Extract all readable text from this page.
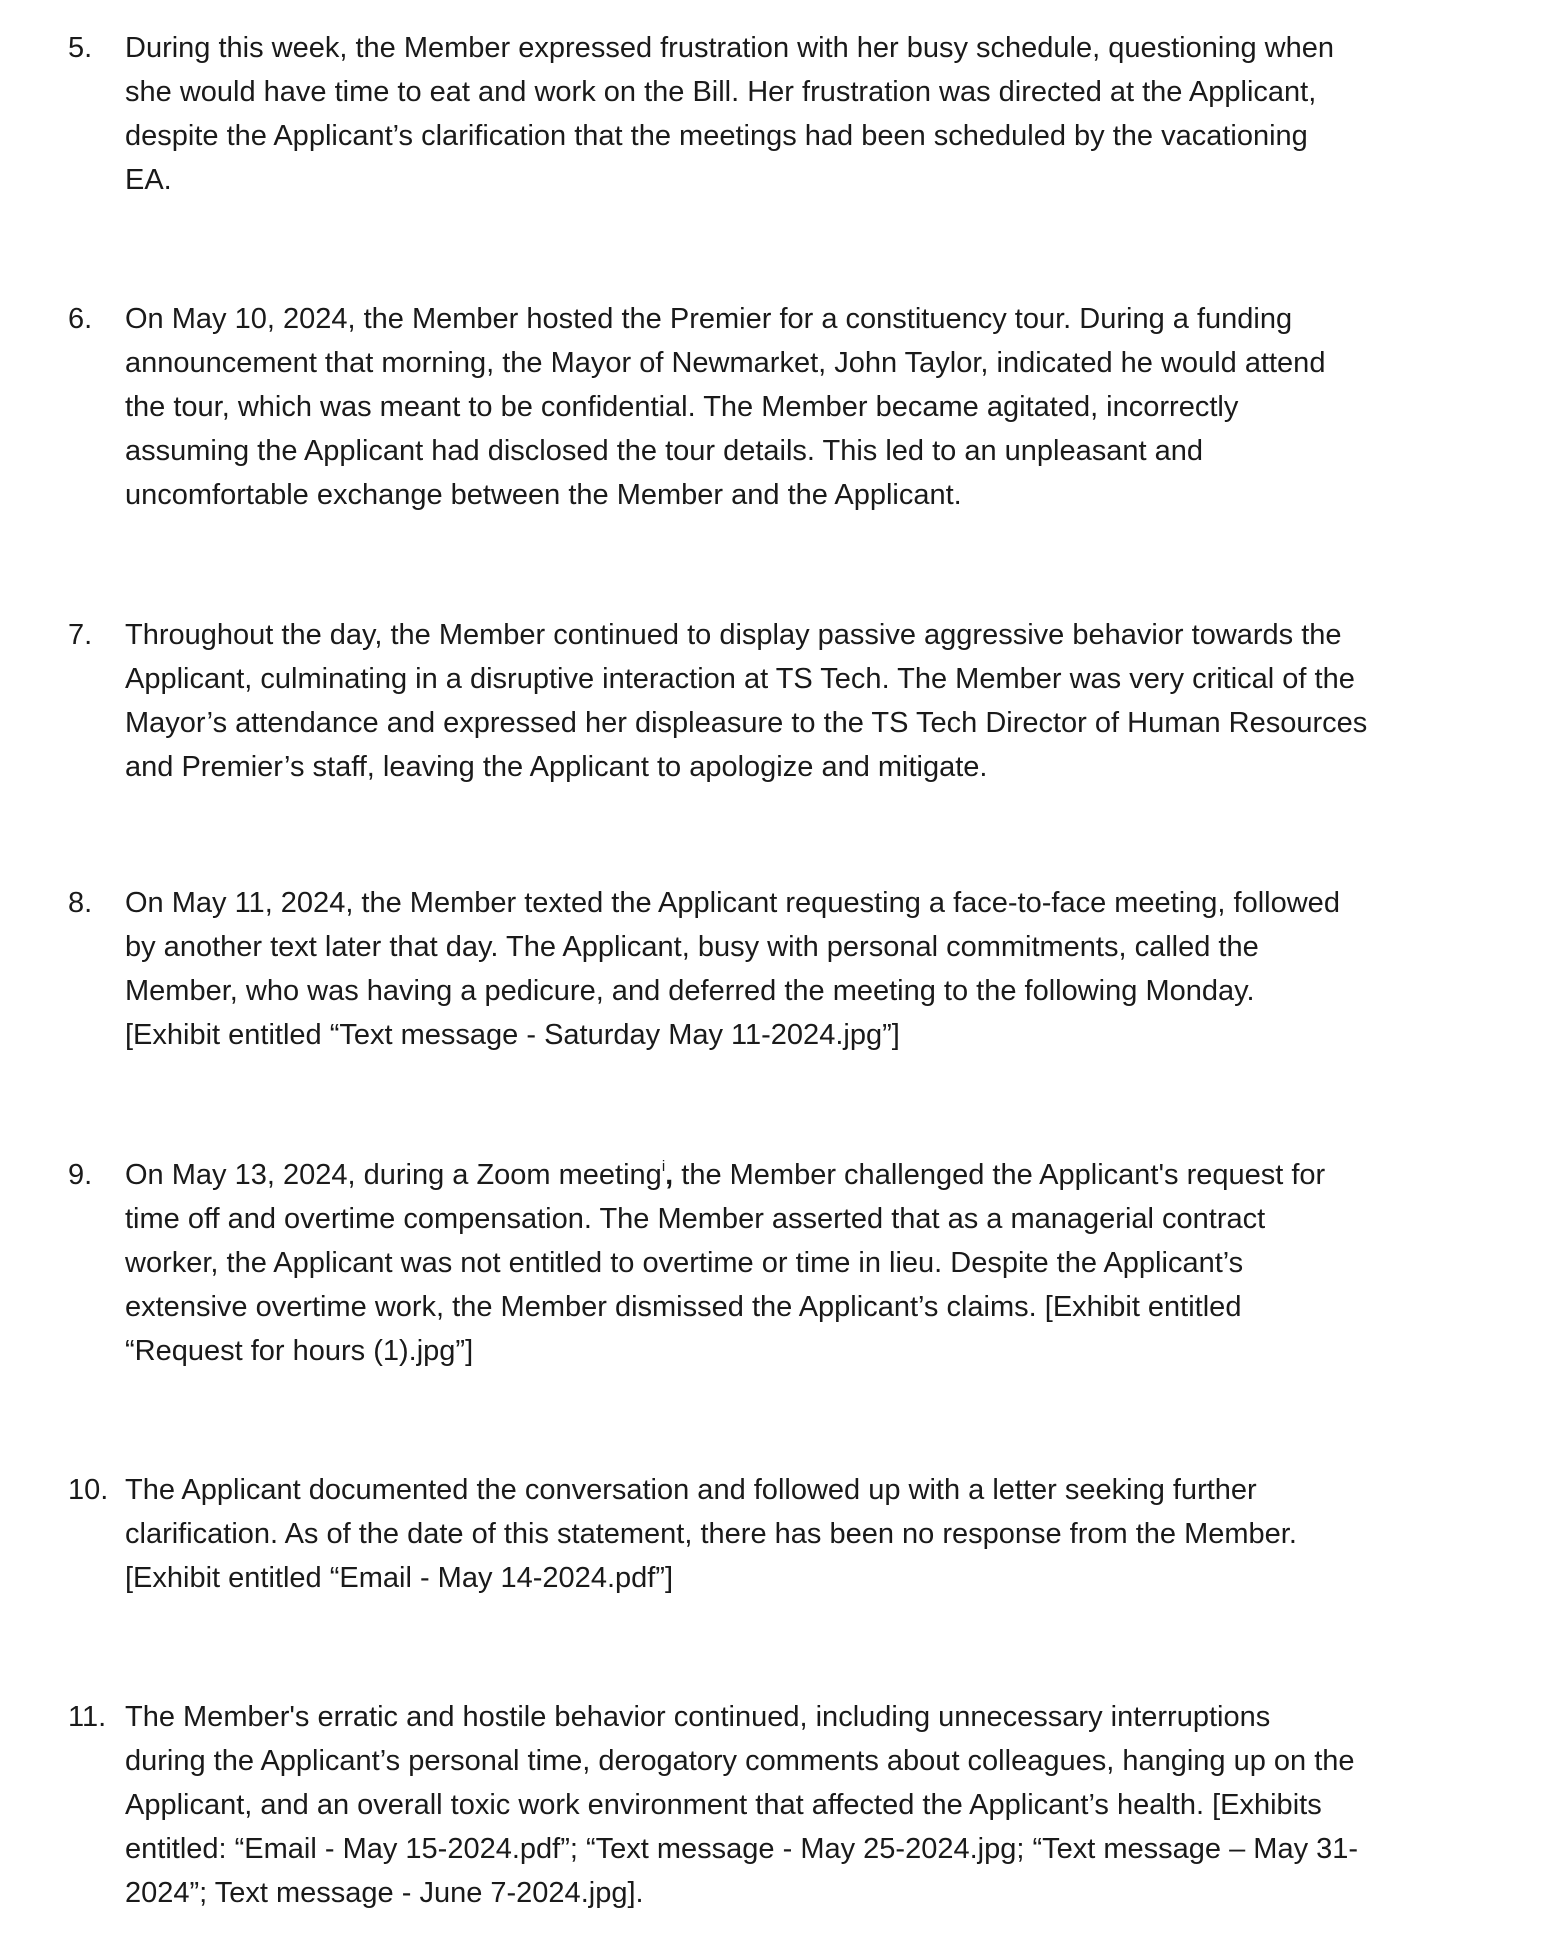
5.	During this week, the Member expressed frustration with her busy schedule, questioning when
she would have time to eat and work on the Bill. Her frustration was directed at the Applicant,
despite the Applicant’s clarification that the meetings had been scheduled by the vacationing
EA.
6.	On May 10, 2024, the Member hosted the Premier for a constituency tour. During a funding
announcement that morning, the Mayor of Newmarket, John Taylor, indicated he would attend
the tour, which was meant to be confidential. The Member became agitated, incorrectly
assuming the Applicant had disclosed the tour details. This led to an unpleasant and
uncomfortable exchange between the Member and the Applicant.
7.	Throughout the day, the Member continued to display passive aggressive behavior towards the
Applicant, culminating in a disruptive interaction at TS Tech. The Member was very critical of the
Mayor’s attendance and expressed her displeasure to the TS Tech Director of Human Resources
and Premier’s staff, leaving the Applicant to apologize and mitigate.
8.	On May 11, 2024, the Member texted the Applicant requesting a face-to-face meeting, followed
by another text later that day. The Applicant, busy with personal commitments, called the
Member, who was having a pedicure, and deferred the meeting to the following Monday.
[Exhibit entitled “Text message - Saturday May 11-2024.jpg”]
9.	On May 13, 2024, during a Zoom meeting$^i$, the Member challenged the Applicant's request for
time off and overtime compensation. The Member asserted that as a managerial contract
worker, the Applicant was not entitled to overtime or time in lieu. Despite the Applicant’s
extensive overtime work, the Member dismissed the Applicant’s claims. [Exhibit entitled
“Request for hours (1).jpg”]
10. The Applicant documented the conversation and followed up with a letter seeking further
clarification. As of the date of this statement, there has been no response from the Member.
[Exhibit entitled “Email - May 14-2024.pdf”]
11. The Member's erratic and hostile behavior continued, including unnecessary interruptions
during the Applicant’s personal time, derogatory comments about colleagues, hanging up on the
Applicant, and an overall toxic work environment that affected the Applicant’s health. [Exhibits
entitled: “Email - May 15-2024.pdf”; “Text message - May 25-2024.jpg; “Text message – May 31-
2024”; Text message - June 7-2024.jpg].
